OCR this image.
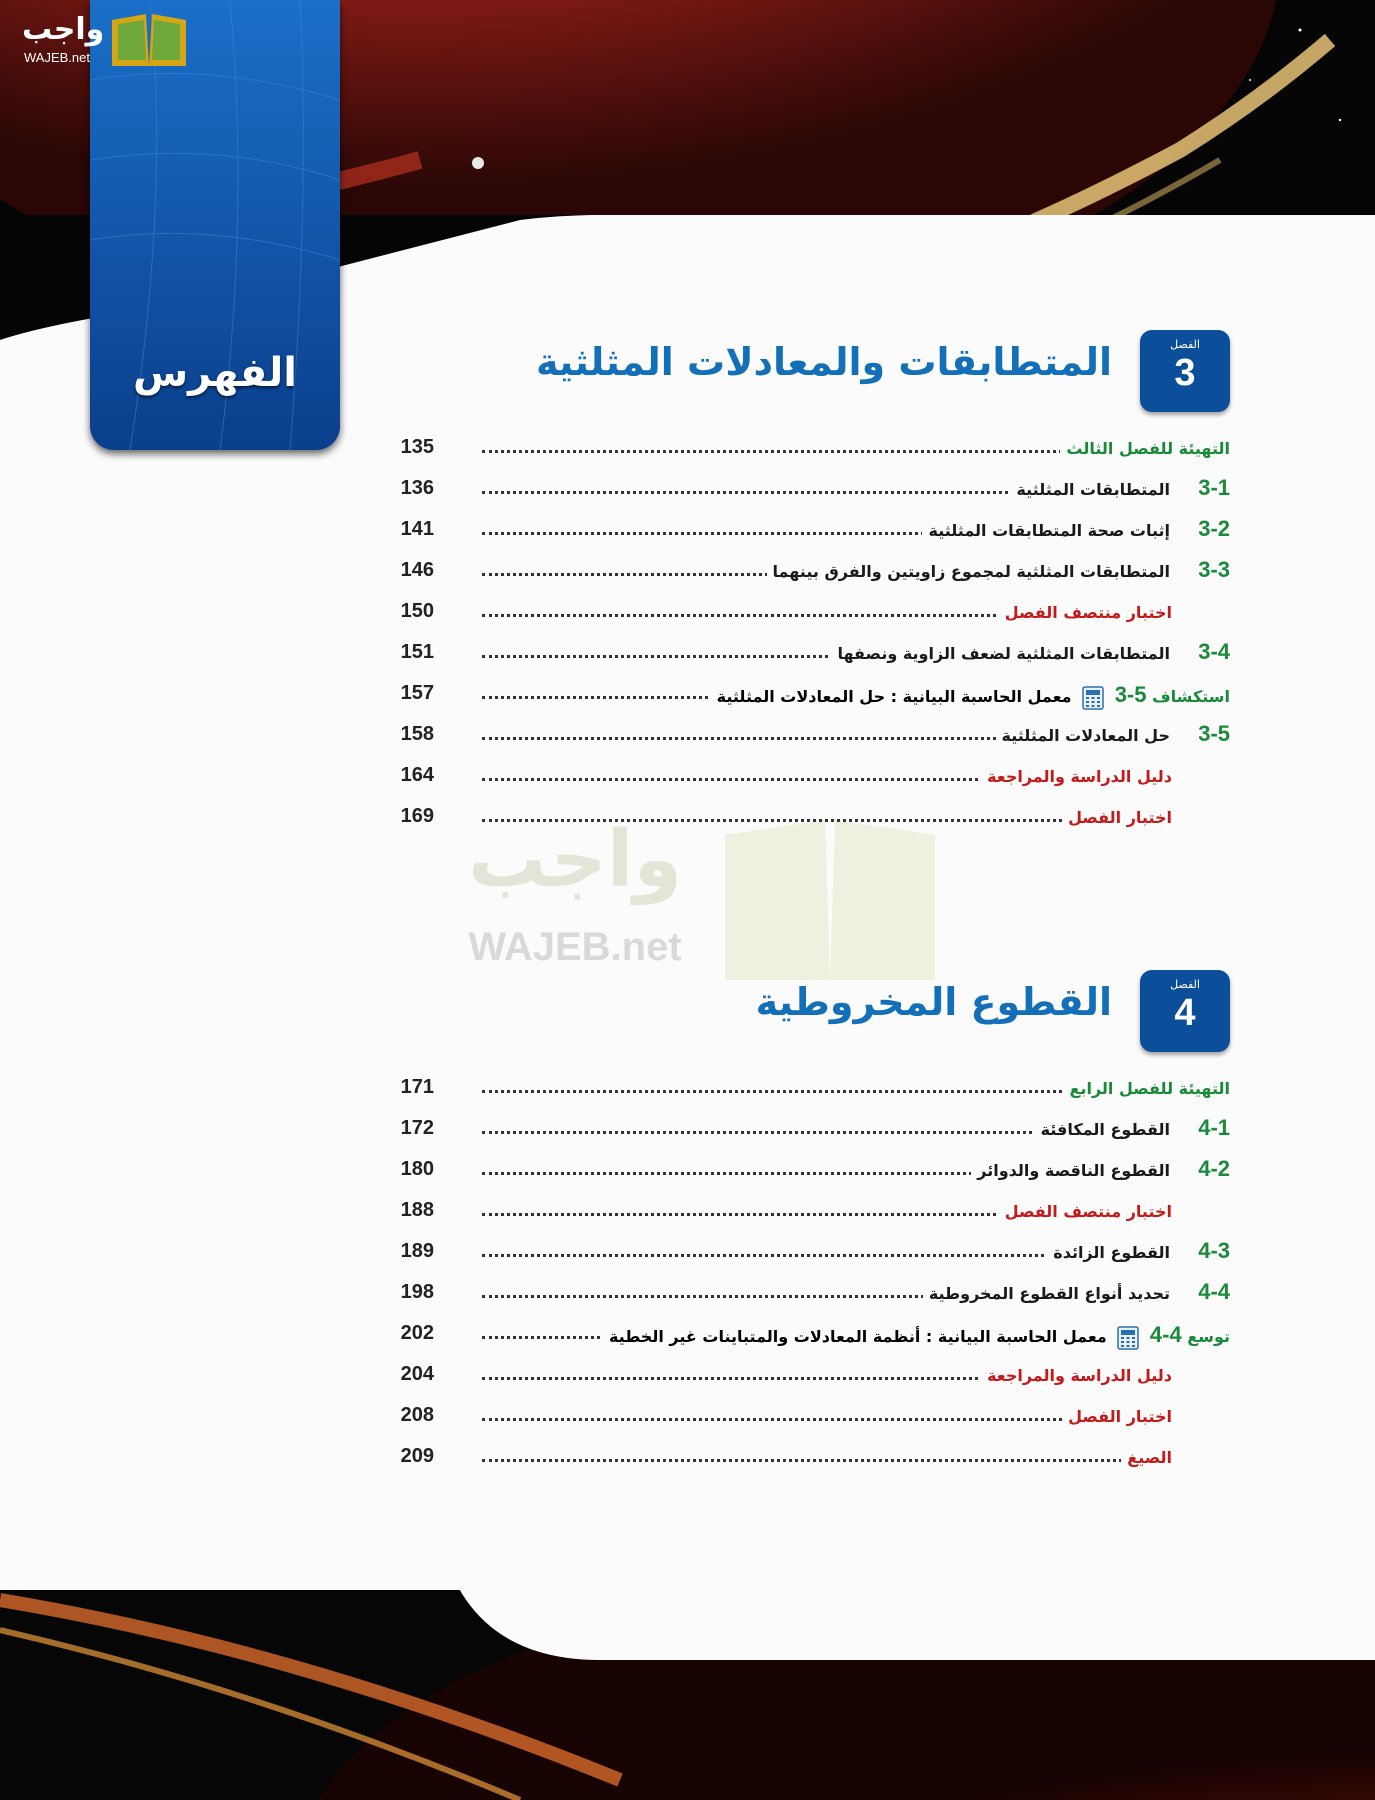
الفهرس
واجب
WAJEB.net
الفصل
3
المتطابقات والمعادلات المثلثية
التهيئة للفصل الثالث
135
3-1
المتطابقات المثلثية
136
3-2
إثبات صحة المتطابقات المثلثية
141
3-3
المتطابقات المثلثية لمجموع زاويتين والفرق بينهما
146
اختبار منتصف الفصل
150
3-4
المتطابقات المثلثية لضعف الزاوية ونصفها
151
استكشاف 3-5  معمل الحاسبة البيانية : حل المعادلات المثلثية
157
3-5
حل المعادلات المثلثية
158
دليل الدراسة والمراجعة
164
اختبار الفصل
169
الفصل
4
القطوع المخروطية
التهيئة للفصل الرابع
171
4-1
القطوع المكافئة
172
4-2
القطوع الناقصة والدوائر
180
اختبار منتصف الفصل
188
4-3
القطوع الزائدة
189
4-4
تحديد أنواع القطوع المخروطية
198
توسع 4-4  معمل الحاسبة البيانية : أنظمة المعادلات والمتباينات غير الخطية
202
دليل الدراسة والمراجعة
204
اختبار الفصل
208
الصيغ
209
